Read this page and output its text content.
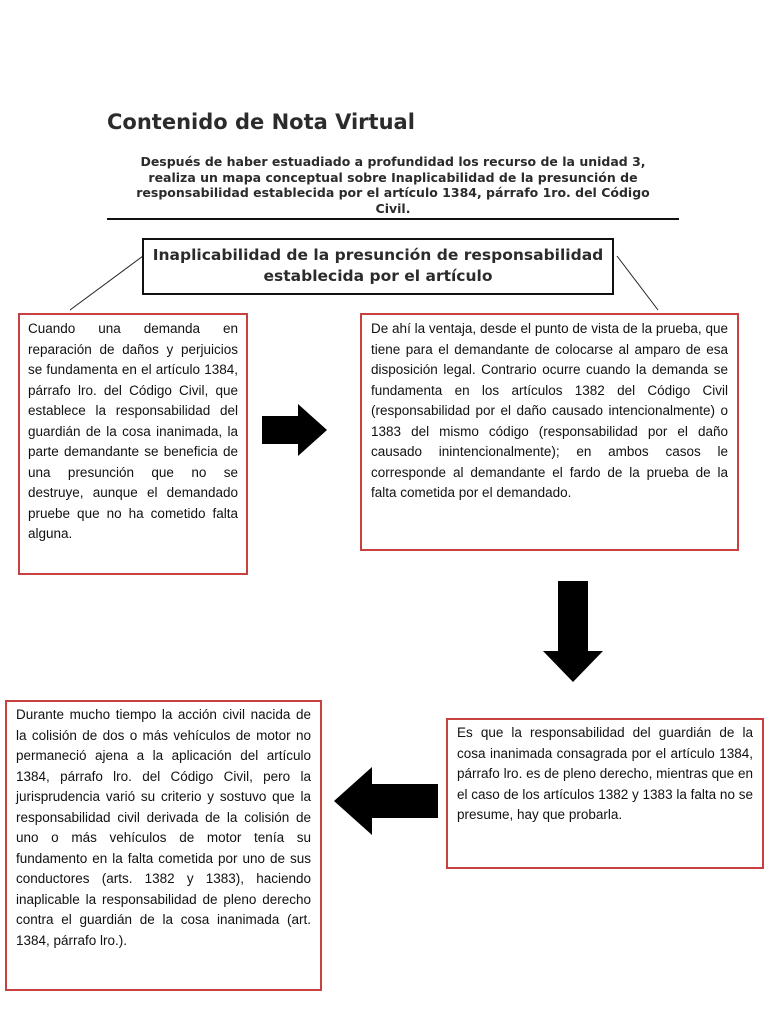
Contenido de Nota Virtual
Después de haber estuadiado a profundidad los recurso de la unidad 3, realiza un mapa conceptual sobre Inaplicabilidad de la presunción de responsabilidad establecida por el artículo 1384, párrafo 1ro. del Código Civil.
Inaplicabilidad de la presunción de responsabilidad establecida por el artículo
Cuando una demanda en reparación de daños y perjuicios se fundamenta en el artículo 1384, párrafo lro. del Código Civil, que establece la responsabilidad del guardián de la cosa inanimada, la parte demandante se beneficia de una presunción que no se destruye, aunque el demandado pruebe que no ha cometido falta alguna.
De ahí la ventaja, desde el punto de vista de la prueba, que tiene para el demandante de colocarse al amparo de esa disposición legal. Contrario ocurre cuando la demanda se fundamenta en los artículos 1382 del Código Civil (responsabilidad por el daño causado intencionalmente) o 1383 del mismo código (responsabilidad por el daño causado inintencionalmente); en ambos casos le corresponde al demandante el fardo de la prueba de la falta cometida por el demandado.
Es que la responsabilidad del guardián de la cosa inanimada consagrada por el artículo 1384, párrafo lro. es de pleno derecho, mientras que en el caso de los artículos 1382 y 1383 la falta no se presume, hay que probarla.
Durante mucho tiempo la acción civil nacida de la colisión de dos o más vehículos de motor no permaneció ajena a la aplicación del artículo 1384, párrafo lro. del Código Civil, pero la jurisprudencia varió su criterio y sostuvo que la responsabilidad civil derivada de la colisión de uno o más vehículos de motor tenía su fundamento en la falta cometida por uno de sus conductores (arts. 1382 y 1383), haciendo inaplicable la responsabilidad de pleno derecho contra el guardián de la cosa inanimada (art. 1384, párrafo lro.).
